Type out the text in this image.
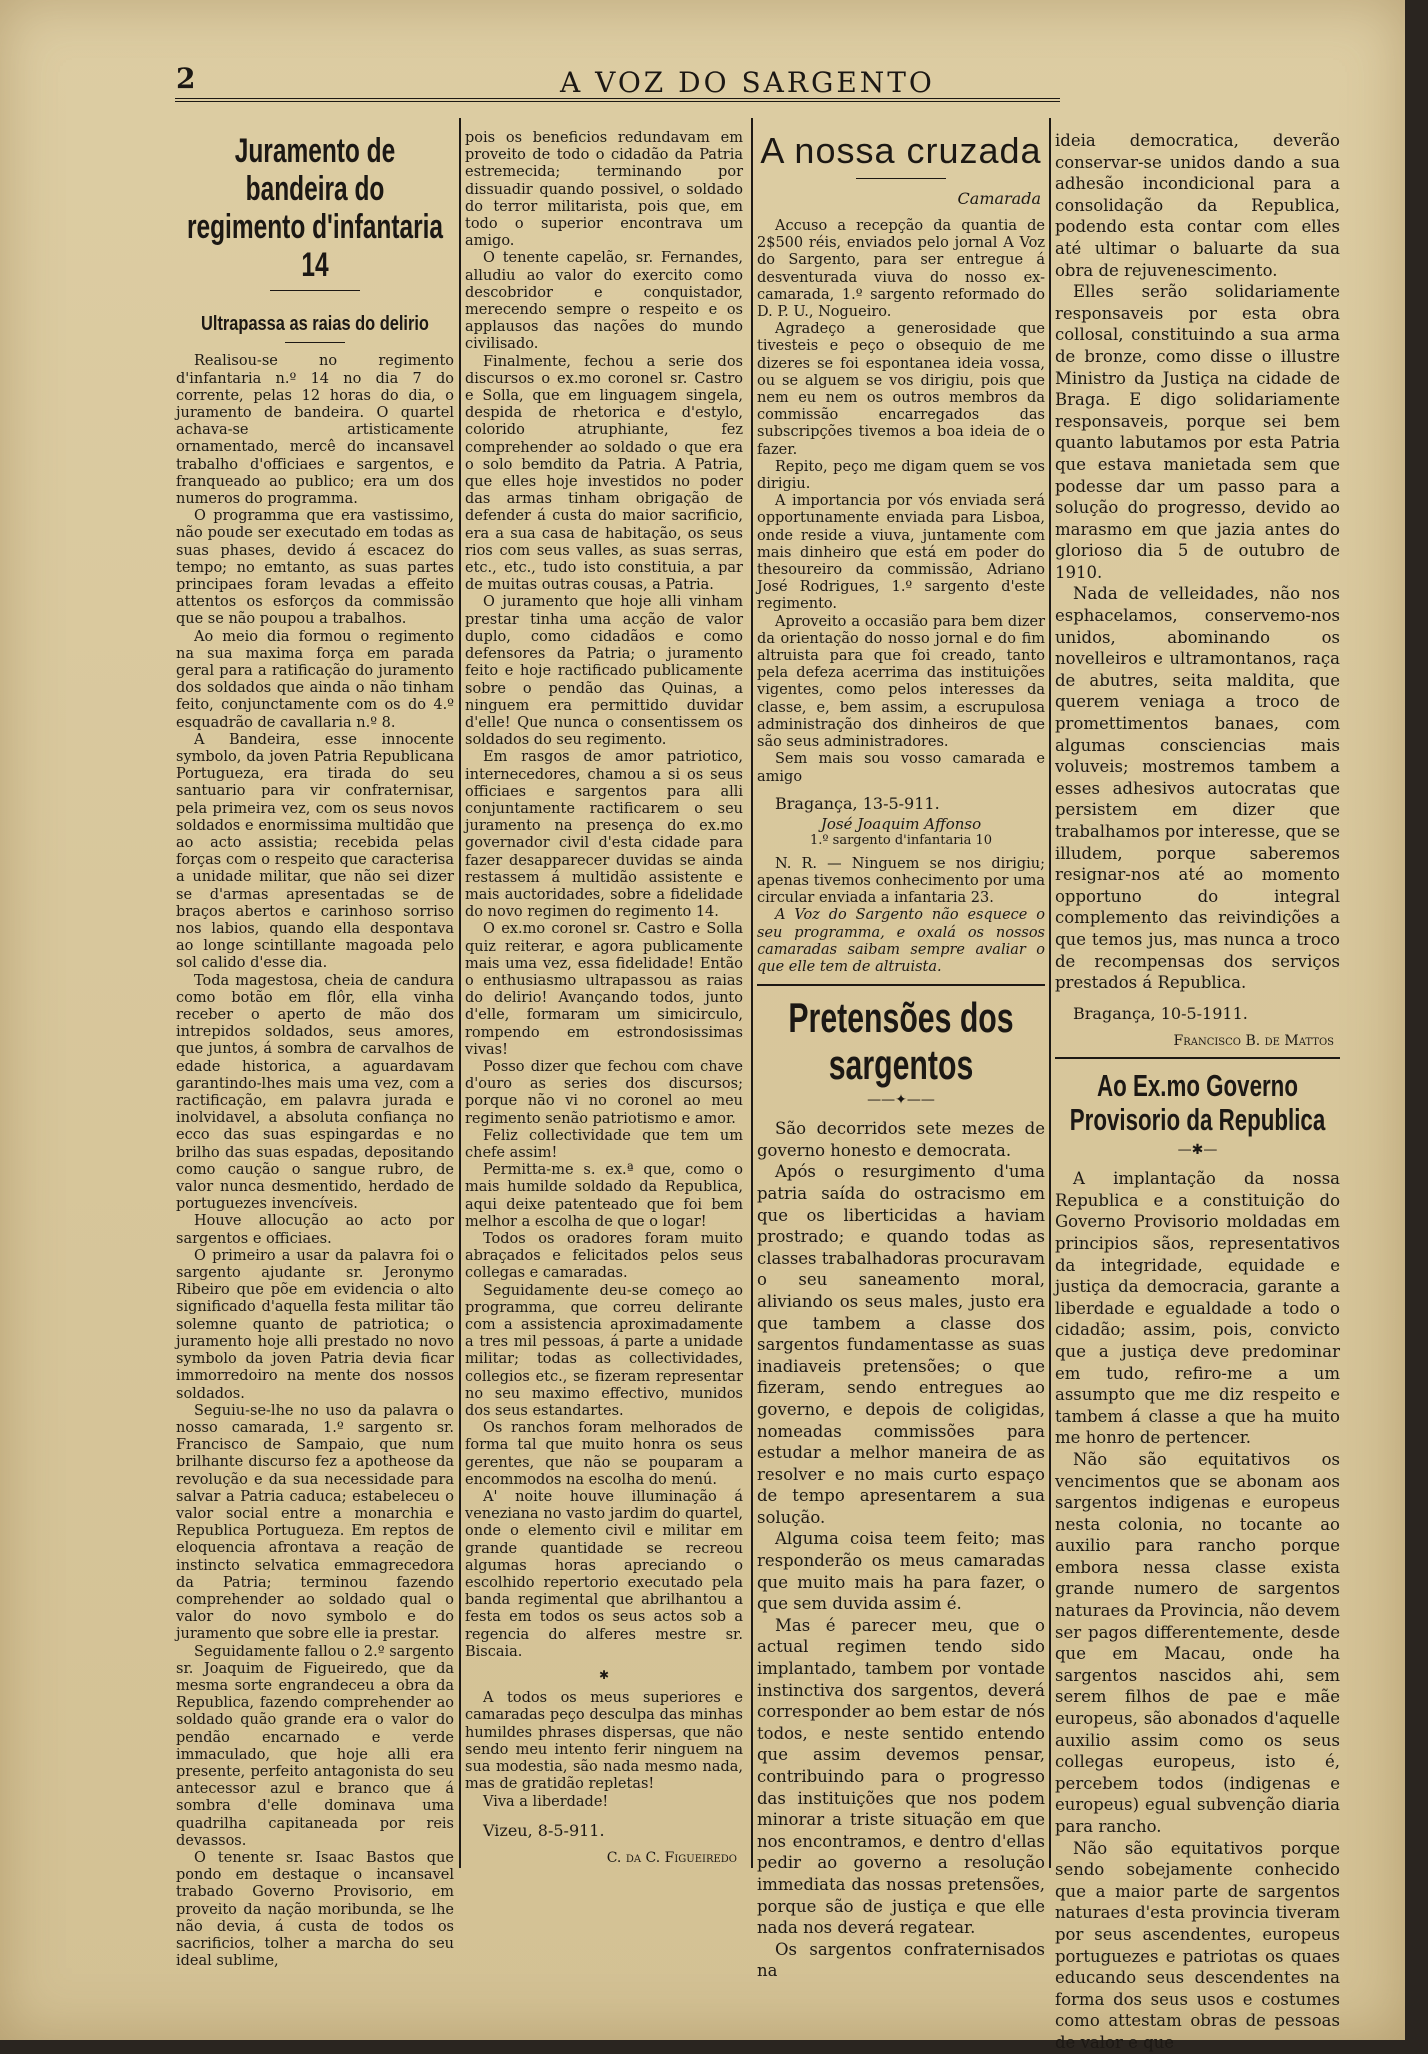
2	A VOZ DO SARGENTO
Juramento de bandeira do regimento d'infantaria 14
Ultrapassa as raias do delirio

Realisou-se no regimento d'infantaria n.º 14 no dia 7 do corrente, pelas 12 horas do dia, o juramento de bandeira. O quartel achava-se artisticamente ornamentado, mercê do incansavel trabalho d'officiaes e sargentos, e franqueado ao publico; era um dos numeros do programma.

O programma que era vastissimo, não poude ser executado em todas as suas phases, devido á escacez do tempo; no emtanto, as suas partes principaes foram levadas a effeito attentos os esforços da commissão que se não poupou a trabalhos.

Ao meio dia formou o regimento na sua maxima força em parada geral para a ratificação do juramento dos soldados que ainda o não tinham feito, conjunctamente com os do 4.º esquadrão de cavallaria n.º 8.

A Bandeira, esse innocente symbolo, da joven Patria Republicana Portugueza, era tirada do seu santuario para vir confraternisar, pela primeira vez, com os seus novos soldados e enormissima multidão que ao acto assistia; recebida pelas forças com o respeito que caracterisa a unidade militar, que não sei dizer se d'armas apresentadas se de braços abertos e carinhoso sorriso nos labios, quando ella despontava ao longe scintillante magoada pelo sol calido d'esse dia.

Toda magestosa, cheia de candura como botão em flôr, ella vinha receber o aperto de mão dos intrepidos soldados, seus amores, que juntos, á sombra de carvalhos de edade historica, a aguardavam garantindo-lhes mais uma vez, com a ractificação, em palavra jurada e inolvidavel, a absoluta confiança no ecco das suas espingardas e no brilho das suas espadas, depositando como caução o sangue rubro, de valor nunca desmentido, herdado de portuguezes invencíveis.

Houve allocução ao acto por sargentos e officiaes.

O primeiro a usar da palavra foi o sargento ajudante sr. Jeronymo Ribeiro que põe em evidencia o alto significado d'aquella festa militar tão solemne quanto de patriotica; o juramento hoje alli prestado no novo symbolo da joven Patria devia ficar immorredoiro na mente dos nossos soldados.

Seguiu-se-lhe no uso da palavra o nosso camarada, 1.º sargento sr. Francisco de Sampaio, que num brilhante discurso fez a apotheose da revolução e da sua necessidade para salvar a Patria caduca; estabeleceu o valor social entre a monarchia e Republica Portugueza. Em reptos de eloquencia afrontava a reação de instincto selvatica emmagrecedora da Patria; terminou fazendo comprehender ao soldado qual o valor do novo symbolo e do juramento que sobre elle ia prestar.

Seguidamente fallou o 2.º sargento sr. Joaquim de Figueiredo, que da mesma sorte engrandeceu a obra da Republica, fazendo comprehender ao soldado quão grande era o valor do pendão encarnado e verde immaculado, que hoje alli era presente, perfeito antagonista do seu antecessor azul e branco que á sombra d'elle dominava uma quadrilha capitaneada por reis devassos.

O tenente sr. Isaac Bastos que pondo em destaque o incansavel trabado Governo Provisorio, em proveito da nação moribunda, se lhe não devia, á custa de todos os sacrificios, tolher a marcha do seu ideal sublime,

pois os beneficios redundavam em proveito de todo o cidadão da Patria estremecida; terminando por dissuadir quando possivel, o soldado do terror militarista, pois que, em todo o superior encontrava um amigo.

O tenente capelão, sr. Fernandes, alludiu ao valor do exercito como descobridor e conquistador, merecendo sempre o respeito e os applausos das nações do mundo civilisado.

Finalmente, fechou a serie dos discursos o ex.mo coronel sr. Castro e Solla, que em linguagem singela, despida de rhetorica e d'estylo, colorido atruphiante, fez comprehender ao soldado o que era o solo bemdito da Patria. A Patria, que elles hoje investidos no poder das armas tinham obrigação de defender á custa do maior sacrificio, era a sua casa de habitação, os seus rios com seus valles, as suas serras, etc., etc., tudo isto constituia, a par de muitas outras cousas, a Patria.

O juramento que hoje alli vinham prestar tinha uma acção de valor duplo, como cidadãos e como defensores da Patria; o juramento feito e hoje ractificado publicamente sobre o pendão das Quinas, a ninguem era permittido duvidar d'elle! Que nunca o consentissem os soldados do seu regimento.

Em rasgos de amor patriotico, internecedores, chamou a si os seus officiaes e sargentos para alli conjuntamente ractificarem o seu juramento na presença do ex.mo governador civil d'esta cidade para fazer desapparecer duvidas se ainda restassem á multidão assistente e mais auctoridades, sobre a fidelidade do novo regimen do regimento 14.

O ex.mo coronel sr. Castro e Solla quiz reiterar, e agora publicamente mais uma vez, essa fidelidade! Então o enthusiasmo ultrapassou as raias do delirio! Avançando todos, junto d'elle, formaram um simicirculo, rompendo em estrondosissimas vivas!

Posso dizer que fechou com chave d'ouro as series dos discursos; porque não vi no coronel ao meu regimento senão patriotismo e amor.

Feliz collectividade que tem um chefe assim!

Permitta-me s. ex.ª que, como o mais humilde soldado da Republica, aqui deixe patenteado que foi bem melhor a escolha de que o logar!

Todos os oradores foram muito abraçados e felicitados pelos seus collegas e camaradas.

Seguidamente deu-se começo ao programma, que correu delirante com a assistencia aproximadamente a tres mil pessoas, á parte a unidade militar; todas as collectividades, collegios etc., se fizeram representar no seu maximo effectivo, munidos dos seus estandartes.

Os ranchos foram melhorados de forma tal que muito honra os seus gerentes, que não se pouparam a encommodos na escolha do menú.

A' noite houve illuminação á veneziana no vasto jardim do quartel, onde o elemento civil e militar em grande quantidade se recreou algumas horas apreciando o escolhido repertorio executado pela banda regimental que abrilhantou a festa em todos os seus actos sob a regencia do alferes mestre sr. Biscaia.

✱

A todos os meus superiores e camaradas peço desculpa das minhas humildes phrases dispersas, que não sendo meu intento ferir ninguem na sua modestia, são nada mesmo nada, mas de gratidão repletas!

Viva a liberdade!

Vizeu, 8-5-911.
C. da C. Figueiredo
A nossa cruzada
Camarada

Accuso a recepção da quantia de 2$500 réis, enviados pelo jornal A Voz do Sargento, para ser entregue á desventurada viuva do nosso ex-camarada, 1.º sargento reformado do D. P. U., Nogueiro.

Agradeço a generosidade que tivesteis e peço o obsequio de me dizeres se foi espontanea ideia vossa, ou se alguem se vos dirigiu, pois que nem eu nem os outros membros da commissão encarregados das subscripções tivemos a boa ideia de o fazer.

Repito, peço me digam quem se vos dirigiu.

A importancia por vós enviada será opportunamente enviada para Lisboa, onde reside a viuva, juntamente com mais dinheiro que está em poder do thesoureiro da commissão, Adriano José Rodrigues, 1.º sargento d'este regimento.

Aproveito a occasião para bem dizer da orientação do nosso jornal e do fim altruista para que foi creado, tanto pela defeza acerrima das instituições vigentes, como pelos interesses da classe, e, bem assim, a escrupulosa administração dos dinheiros de que são seus administradores.

Sem mais sou vosso camarada e amigo

Bragança, 13-5-911.
José Joaquim Affonso
1.º sargento d'infantaria 10

N. R. — Ninguem se nos dirigiu; apenas tivemos conhecimento por uma circular enviada a infantaria 23.

A Voz do Sargento não esquece o seu programma, e oxalá os nossos camaradas saibam sempre avaliar o que elle tem de altruista.

Pretensões dos sargentos
——✦——

São decorridos sete mezes de governo honesto e democrata.

Após o resurgimento d'uma patria saída do ostracismo em que os liberticidas a haviam prostrado; e quando todas as classes trabalhadoras procuravam o seu saneamento moral, aliviando os seus males, justo era que tambem a classe dos sargentos fundamentasse as suas inadiaveis pretensões; o que fizeram, sendo entregues ao governo, e depois de coligidas, nomeadas commissões para estudar a melhor maneira de as resolver e no mais curto espaço de tempo apresentarem a sua solução.

Alguma coisa teem feito; mas responderão os meus camaradas que muito mais ha para fazer, o que sem duvida assim é.

Mas é parecer meu, que o actual regimen tendo sido implantado, tambem por vontade instinctiva dos sargentos, deverá corresponder ao bem estar de nós todos, e neste sentido entendo que assim devemos pensar, contribuindo para o progresso das instituições que nos podem minorar a triste situação em que nos encontramos, e dentro d'ellas pedir ao governo a resolução immediata das nossas pretensões, porque são de justiça e que elle nada nos deverá regatear.

Os sargentos confraternisados na

ideia democratica, deverão conservar-se unidos dando a sua adhesão incondicional para a consolidação da Republica, podendo esta contar com elles até ultimar o baluarte da sua obra de rejuvenescimento.

Elles serão solidariamente responsaveis por esta obra collosal, constituindo a sua arma de bronze, como disse o illustre Ministro da Justiça na cidade de Braga. E digo solidariamente responsaveis, porque sei bem quanto labutamos por esta Patria que estava manietada sem que podesse dar um passo para a solução do progresso, devido ao marasmo em que jazia antes do glorioso dia 5 de outubro de 1910.

Nada de velleidades, não nos esphacelamos, conservemo-nos unidos, abominando os novelleiros e ultramontanos, raça de abutres, seita maldita, que querem veniaga a troco de promettimentos banaes, com algumas consciencias mais voluveis; mostremos tambem a esses adhesivos autocratas que persistem em dizer que trabalhamos por interesse, que se illudem, porque saberemos resignar-nos até ao momento opportuno do integral complemento das reivindições a que temos jus, mas nunca a troco de recompensas dos serviços prestados á Republica.

Bragança, 10-5-1911.
Francisco B. de Mattos
Ao Ex.mo Governo Provisorio da Republica
—✱—

A implantação da nossa Republica e a constituição do Governo Provisorio moldadas em principios sãos, representativos da integridade, equidade e justiça da democracia, garante a liberdade e egualdade a todo o cidadão; assim, pois, convicto que a justiça deve predominar em tudo, refiro-me a um assumpto que me diz respeito e tambem á classe a que ha muito me honro de pertencer.

Não são equitativos os vencimentos que se abonam aos sargentos indigenas e europeus nesta colonia, no tocante ao auxilio para rancho porque embora nessa classe exista grande numero de sargentos naturaes da Provincia, não devem ser pagos differentemente, desde que em Macau, onde ha sargentos nascidos ahi, sem serem filhos de pae e mãe europeus, são abonados d'aquelle auxilio assim como os seus collegas europeus, isto é, percebem todos (indigenas e europeus) egual subvenção diaria para rancho.

Não são equitativos porque sendo sobejamente conhecido que a maior parte de sargentos naturaes d'esta provincia tiveram por seus ascendentes, europeus portuguezes e patriotas os quaes educando seus descendentes na forma dos seus usos e costumes como attestam obras de pessoas de valor e que
